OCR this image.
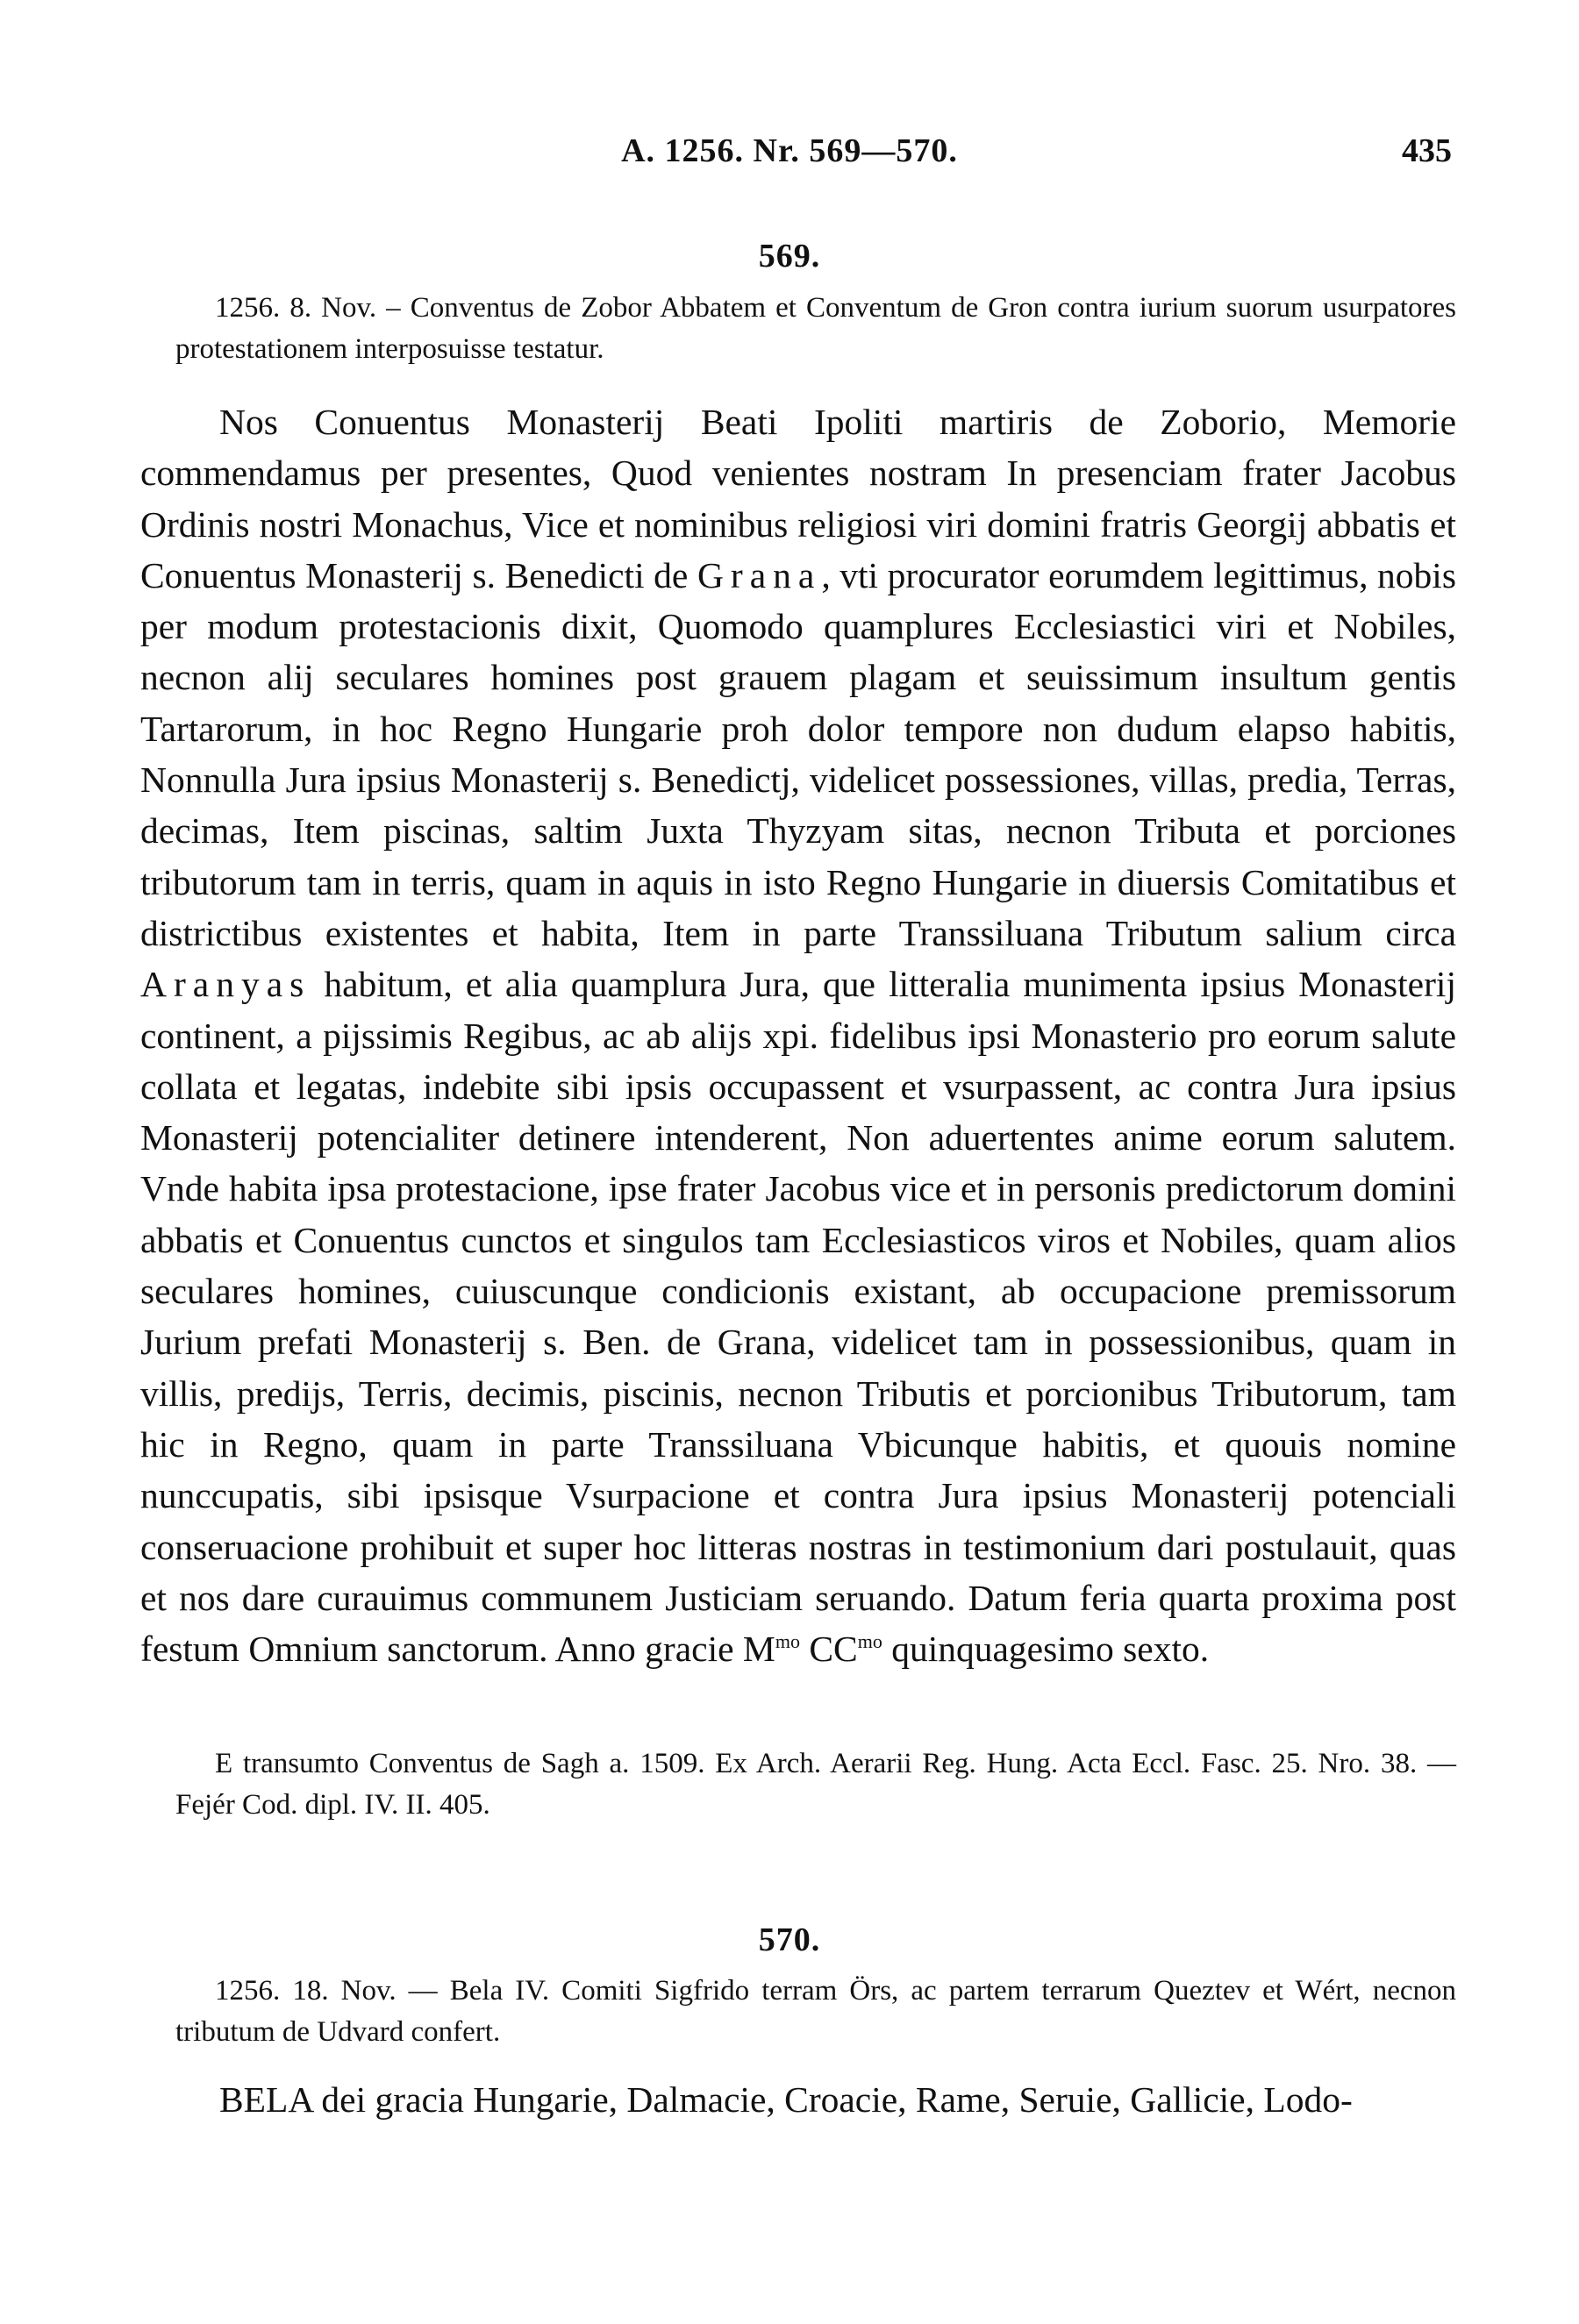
A. 1256. Nr. 569—570.	435
569.
1256. 8. Nov. – Conventus de Zobor Abbatem et Conventum de Gron contra iurium suorum usurpatores protestationem interposuisse testatur.
Nos Conuentus Monasterij Beati Ipoliti martiris de Zoborio, Memorie commendamus per presentes, Quod venientes nostram In presenciam frater Jacobus Ordinis nostri Monachus, Vice et nominibus religiosi viri domini fratris Georgij abbatis et Conuentus Monasterij s. Benedicti de Grana, vti procurator eorumdem legittimus, nobis per modum protestacionis dixit, Quomodo quamplures Ecclesiastici viri et Nobiles, necnon alij seculares homines post grauem plagam et seuissimum insultum gentis Tartarorum, in hoc Regno Hungarie proh dolor tempore non dudum elapso habitis, Nonnulla Jura ipsius Monasterij s. Benedictj, videlicet possessiones, villas, predia, Terras, decimas, Item piscinas, saltim Juxta Thyzyam sitas, necnon Tributa et porciones tributorum tam in terris, quam in aquis in isto Regno Hungarie in diuersis Comitatibus et districtibus existentes et habita, Item in parte Transsiluana Tributum salium circa Aranyas habitum, et alia quamplura Jura, que litteralia munimenta ipsius Monasterij continent, a pijssimis Regibus, ac ab alijs xpi. fidelibus ipsi Monasterio pro eorum salute collata et legatas, indebite sibi ipsis occupassent et vsurpassent, ac contra Jura ipsius Monasterij potencialiter detinere intenderent, Non aduertentes anime eorum salutem. Vnde habita ipsa protestacione, ipse frater Jacobus vice et in personis predictorum domini abbatis et Conuentus cunctos et singulos tam Ecclesiasticos viros et Nobiles, quam alios seculares homines, cuiuscunque condicionis existant, ab occupacione premissorum Jurium prefati Monasterij s. Ben. de Grana, videlicet tam in possessionibus, quam in villis, predijs, Terris, decimis, piscinis, necnon Tributis et porcionibus Tributorum, tam hic in Regno, quam in parte Transsiluana Vbicunque habitis, et quouis nomine nunccupatis, sibi ipsisque Vsurpacione et contra Jura ipsius Monasterij potenciali conseruacione prohibuit et super hoc litteras nostras in testimonium dari postulauit, quas et nos dare curauimus communem Justiciam seruando. Datum feria quarta proxima post festum Omnium sanctorum. Anno gracie $M^{mo}$ $CC^{mo}$ quinquagesimo sexto.
E transumto Conventus de Sagh a. 1509. Ex Arch. Aerarii Reg. Hung. Acta Eccl. Fasc. 25. Nro. 38. — Fejér Cod. dipl. IV. II. 405.
570.
1256. 18. Nov. — Bela IV. Comiti Sigfrido terram Örs, ac partem terrarum Queztev et Wért, necnon tributum de Udvard confert.
BELA dei gracia Hungarie, Dalmacie, Croacie, Rame, Seruie, Gallicie, Lodo-
